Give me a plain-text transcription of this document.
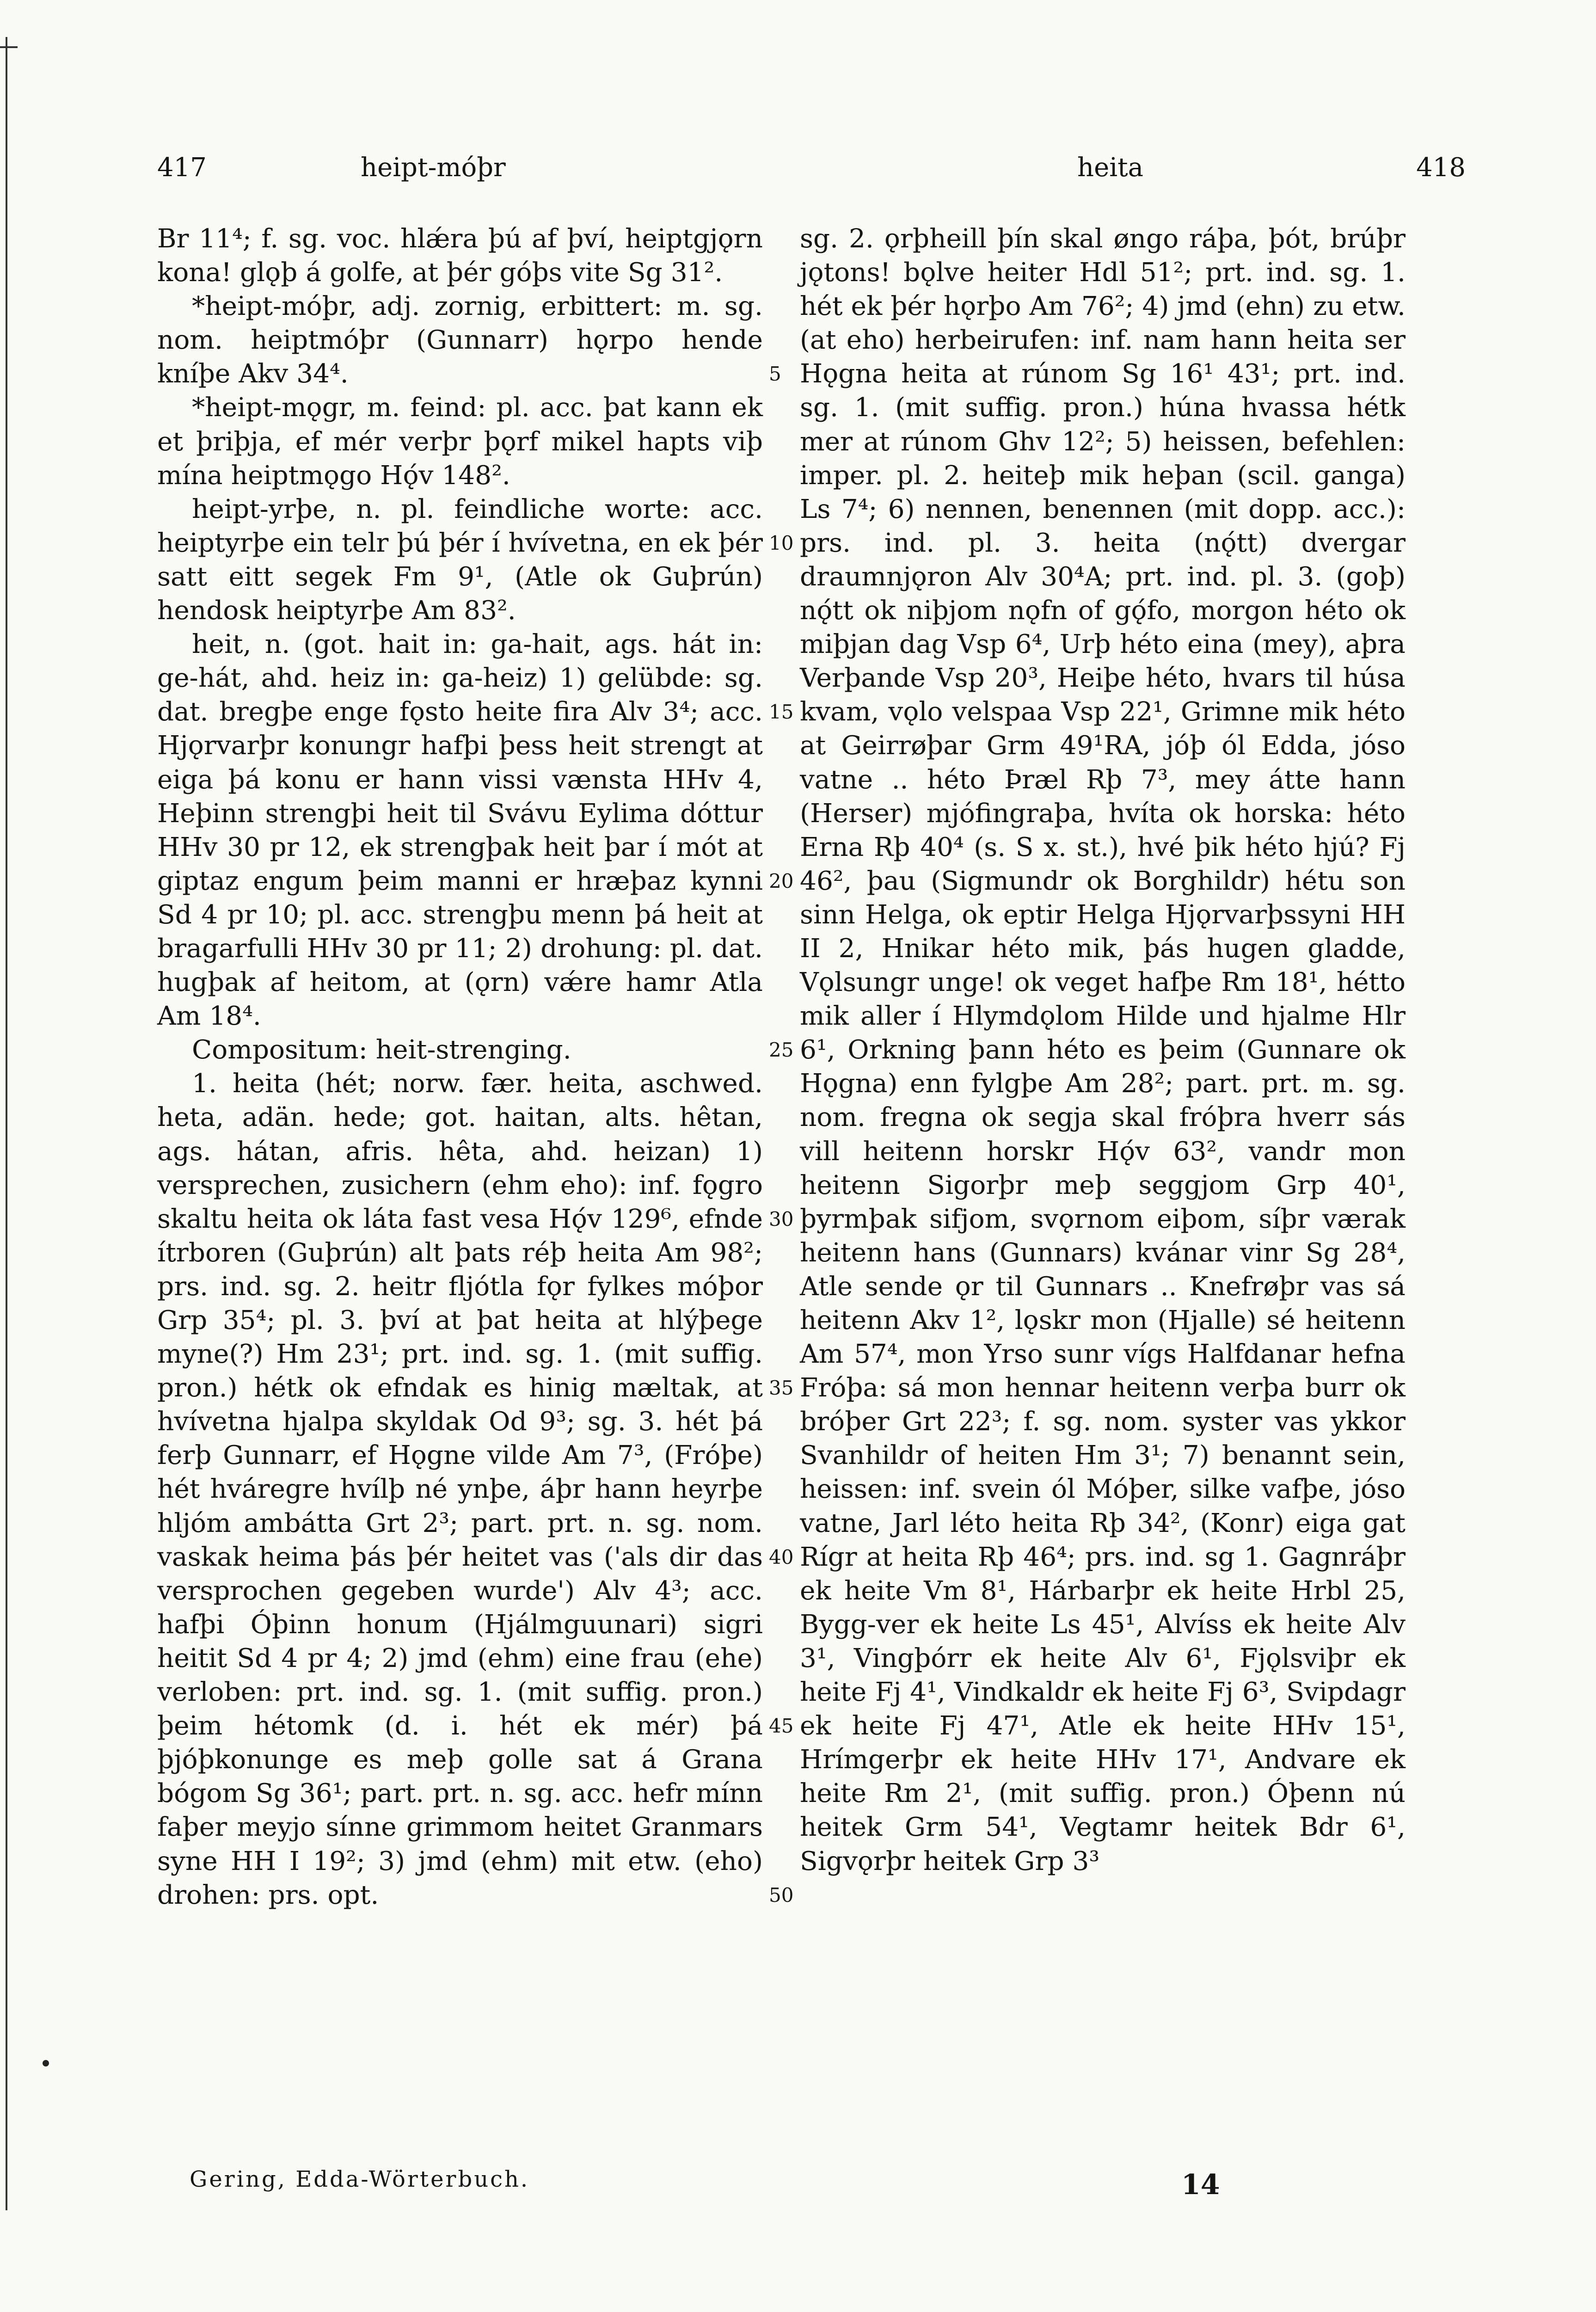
417	heipt-móþr	heita	418

Br 11⁴; f. sg. voc. hlǽra þú af því, heiptgjǫrn kona! glǫþ á golfe, at þér góþs vite Sg 31².

*heipt-móþr, adj. zornig, erbittert: m. sg. nom. heiptmóþr (Gunnarr) hǫrpo hende kníþe Akv 34⁴.

*heipt-mǫgr, m. feind: pl. acc. þat kann ek et þriþja, ef mér verþr þǫrf mikel hapts viþ mína heiptmǫgo Hǫ́v 148².

heipt-yrþe, n. pl. feindliche worte: acc. heiptyrþe ein telr þú þér í hvívetna, en ek þér satt eitt segek Fm 9¹, (Atle ok Guþrún) hendosk heiptyrþe Am 83².

heit, n. (got. hait in: ga-hait, ags. hát in: ge-hát, ahd. heiz in: ga-heiz) 1) gelübde: sg. dat. bregþe enge fǫsto heite fira Alv 3⁴; acc. Hjǫrvarþr konungr hafþi þess heit strengt at eiga þá konu er hann vissi vænsta HHv 4, Heþinn strengþi heit til Svávu Eylima dóttur HHv 30 pr 12, ek strengþak heit þar í mót at giptaz engum þeim manni er hræþaz kynni Sd 4 pr 10; pl. acc. strengþu menn þá heit at bragarfulli HHv 30 pr 11; 2) drohung: pl. dat. hugþak af heitom, at (ǫrn) vǽre hamr Atla Am 18⁴.

Compositum: heit-strenging.

1. heita (hét; norw. fær. heita, aschwed. heta, adän. hede; got. haitan, alts. hêtan, ags. hátan, afris. hêta, ahd. heizan) 1) versprechen, zusichern (ehm eho): inf. fǫgro skaltu heita ok láta fast vesa Hǫ́v 129⁶, efnde ítrboren (Guþrún) alt þats réþ heita Am 98²; prs. ind. sg. 2. heitr fljótla fǫr fylkes móþor Grp 35⁴; pl. 3. því at þat heita at hlýþege myne(?) Hm 23¹; prt. ind. sg. 1. (mit suffig. pron.) hétk ok efndak es hinig mæltak, at hvívetna hjalpa skyldak Od 9³; sg. 3. hét þá ferþ Gunnarr, ef Hǫgne vilde Am 7³, (Fróþe) hét hváregre hvílþ né ynþe, áþr hann heyrþe hljóm ambátta Grt 2³; part. prt. n. sg. nom. vaskak heima þás þér heitet vas ('als dir das versprochen gegeben wurde') Alv 4³; acc. hafþi Óþinn honum (Hjálmguunari) sigri heitit Sd 4 pr 4; 2) jmd (ehm) eine frau (ehe) verloben: prt. ind. sg. 1. (mit suffig. pron.) þeim hétomk (d. i. hét ek mér) þá þjóþkonunge es meþ golle sat á Grana bógom Sg 36¹; part. prt. n. sg. acc. hefr mínn faþer meyjo sínne grimmom heitet Granmars syne HH I 19²; 3) jmd (ehm) mit etw. (eho) drohen: prs. opt.

5
10
15
20
25
30
35
40
45
50

sg. 2. ǫrþheill þín skal øngo ráþa, þót, brúþr jǫtons! bǫlve heiter Hdl 51²; prt. ind. sg. 1. hét ek þér hǫrþo Am 76²; 4) jmd (ehn) zu etw. (at eho) herbeirufen: inf. nam hann heita ser Hǫgna heita at rúnom Sg 16¹ 43¹; prt. ind. sg. 1. (mit suffig. pron.) húna hvassa hétk mer at rúnom Ghv 12²; 5) heissen, befehlen: imper. pl. 2. heiteþ mik heþan (scil. ganga) Ls 7⁴; 6) nennen, benennen (mit dopp. acc.): prs. ind. pl. 3. heita (nǫ́tt) dvergar draumnjǫron Alv 30⁴A; prt. ind. pl. 3. (goþ) nǫ́tt ok niþjom nǫfn of gǫ́fo, morgon héto ok miþjan dag Vsp 6⁴, Urþ héto eina (mey), aþra Verþande Vsp 20³, Heiþe héto, hvars til húsa kvam, vǫlo velspaa Vsp 22¹, Grimne mik héto at Geirrøþar Grm 49¹RA, jóþ ól Edda, jóso vatne .. héto Þræl Rþ 7³, mey átte hann (Herser) mjófingraþa, hvíta ok horska: héto Erna Rþ 40⁴ (s. S x. st.), hvé þik héto hjú? Fj 46², þau (Sigmundr ok Borghildr) hétu son sinn Helga, ok eptir Helga Hjǫrvarþssyni HH II 2, Hnikar héto mik, þás hugen gladde, Vǫlsungr unge! ok veget hafþe Rm 18¹, hétto mik aller í Hlymdǫlom Hilde und hjalme Hlr 6¹, Orkning þann héto es þeim (Gunnare ok Hǫgna) enn fylgþe Am 28²; part. prt. m. sg. nom. fregna ok segja skal fróþra hverr sás vill heitenn horskr Hǫ́v 63², vandr mon heitenn Sigorþr meþ seggjom Grp 40¹, þyrmþak sifjom, svǫrnom eiþom, síþr værak heitenn hans (Gunnars) kvánar vinr Sg 28⁴, Atle sende ǫr til Gunnars .. Knefrøþr vas sá heitenn Akv 1², lǫskr mon (Hjalle) sé heitenn Am 57⁴, mon Yrso sunr vígs Halfdanar hefna Fróþa: sá mon hennar heitenn verþa burr ok bróþer Grt 22³; f. sg. nom. syster vas ykkor Svanhildr of heiten Hm 3¹; 7) benannt sein, heissen: inf. svein ól Móþer, silke vafþe, jóso vatne, Jarl léto heita Rþ 34², (Konr) eiga gat Rígr at heita Rþ 46⁴; prs. ind. sg 1. Gagnráþr ek heite Vm 8¹, Hárbarþr ek heite Hrbl 25, Bygg-ver ek heite Ls 45¹, Alvíss ek heite Alv 3¹, Vingþórr ek heite Alv 6¹, Fjǫlsviþr ek heite Fj 4¹, Vindkaldr ek heite Fj 6³, Svipdagr ek heite Fj 47¹, Atle ek heite HHv 15¹, Hrímgerþr ek heite HHv 17¹, Andvare ek heite Rm 2¹, (mit suffig. pron.) Óþenn nú heitek Grm 54¹, Vegtamr heitek Bdr 6¹, Sigvǫrþr heitek Grp 3³

Gering, Edda-Wörterbuch.	14
